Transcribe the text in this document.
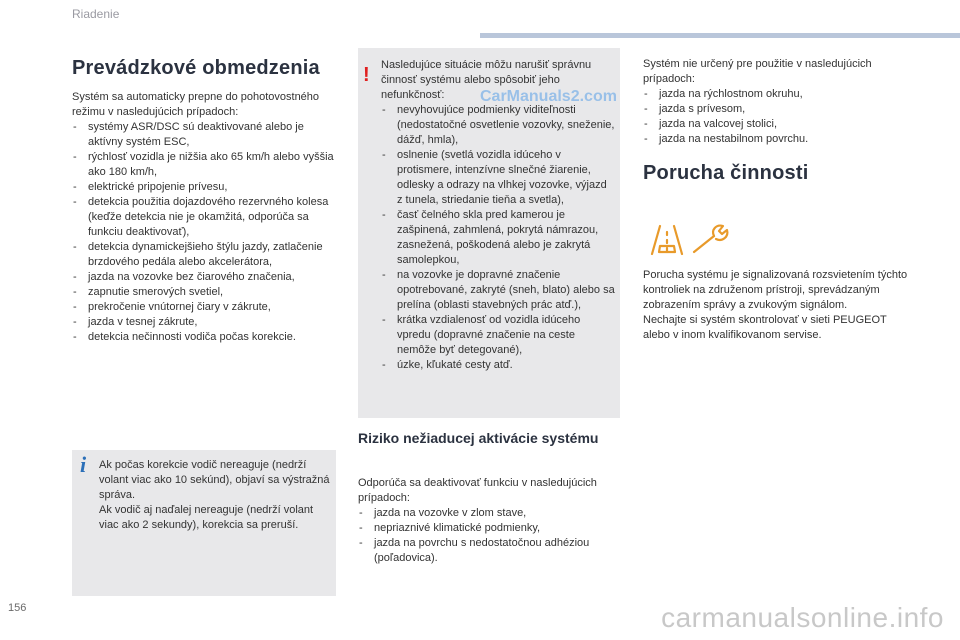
Riadenie
Prevádzkové obmedzenia

Systém sa automaticky prepne do pohotovostného režimu v nasledujúcich prípadoch:

- systémy ASR/DSC sú deaktivované alebo je aktívny systém ESC,
- rýchlosť vozidla je nižšia ako 65 km/h alebo vyššia ako 180 km/h,
- elektrické pripojenie prívesu,
- detekcia použitia dojazdového rezervného kolesa (keďže detekcia nie je okamžitá, odporúča sa funkciu deaktivovať),
- detekcia dynamickejšieho štýlu jazdy, zatlačenie brzdového pedála alebo akcelerátora,
- jazda na vozovke bez čiarového značenia,
- zapnutie smerových svetiel,
- prekročenie vnútornej čiary v zákrute,
- jazda v tesnej zákrute,
- detekcia nečinnosti vodiča počas korekcie.
i	Ak počas korekcie vodič nereaguje (nedrží volant viac ako 10 sekúnd), objaví sa výstražná správa.

Ak vodič aj naďalej nereaguje (nedrží volant viac ako 2 sekundy), korekcia sa preruší.

! Nasledujúce situácie môžu narušiť správnu činnosť systému alebo spôsobiť jeho nefunkčnosť:

- nevyhovujúce podmienky viditeľnosti (nedostatočné osvetlenie vozovky, sneženie, dážď, hmla),
- oslnenie (svetlá vozidla idúceho v protismere, intenzívne slnečné žiarenie, odlesky a odrazy na vlhkej vozovke, výjazd z tunela, striedanie tieňa a svetla),
- časť čelného skla pred kamerou je zašpinená, zahmlená, pokrytá námrazou, zasnežená, poškodená alebo je zakrytá samolepkou,
- na vozovke je dopravné značenie opotrebované, zakryté (sneh, blato) alebo sa prelína (oblasti stavebných prác atď.),
- krátka vzdialenosť od vozidla idúceho vpredu (dopravné značenie na ceste nemôže byť detegované),
- úzke, kľukaté cesty atď.
CarManuals2.com
Riziko nežiaducej aktivácie systému

Odporúča sa deaktivovať funkciu v nasledujúcich prípadoch:

- jazda na vozovke v zlom stave,
- nepriaznivé klimatické podmienky,
- jazda na povrchu s nedostatočnou adhéziou (poľadovica).

Systém nie určený pre použitie v nasledujúcich prípadoch:

- jazda na rýchlostnom okruhu,
- jazda s prívesom,
- jazda na valcovej stolici,
- jazda na nestabilnom povrchu.
Porucha činnosti

Porucha systému je signalizovaná rozsvietením týchto kontroliek na združenom prístroji, sprevádzaným zobrazením správy a zvukovým signálom.

Nechajte si systém skontrolovať v sieti PEUGEOT alebo v inom kvalifikovanom servise.

156	carmanualsonline.info
